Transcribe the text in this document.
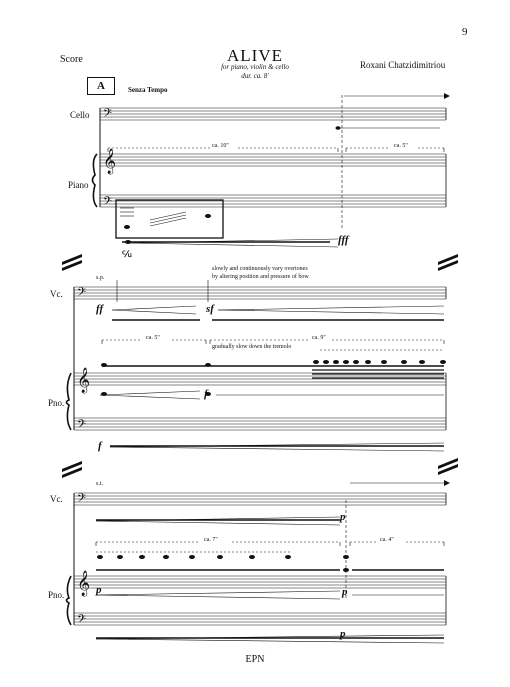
9
Score	ALIVE
for piano, violin & cello
dur. ca. 8'
Roxani Chatzidimitriou
𝄢
𝄞
𝄢
𝄢
𝄞
𝄢
𝄢
𝄞
𝄢
A	Senza Tempo
Cello
Piano
ca. 10"	ca. 5"
℆
fff
Vc.
Pno.
s.p.
slowly and continuously vary overtones
by altering position and pressure of bow
ca. 5"	ca. 9"
gradually slow down the tremolo
ff	sf
f
f
Vc.
Pno.
s.t.
ca. 7"	ca. 4"
p
p	p
p
EPN
